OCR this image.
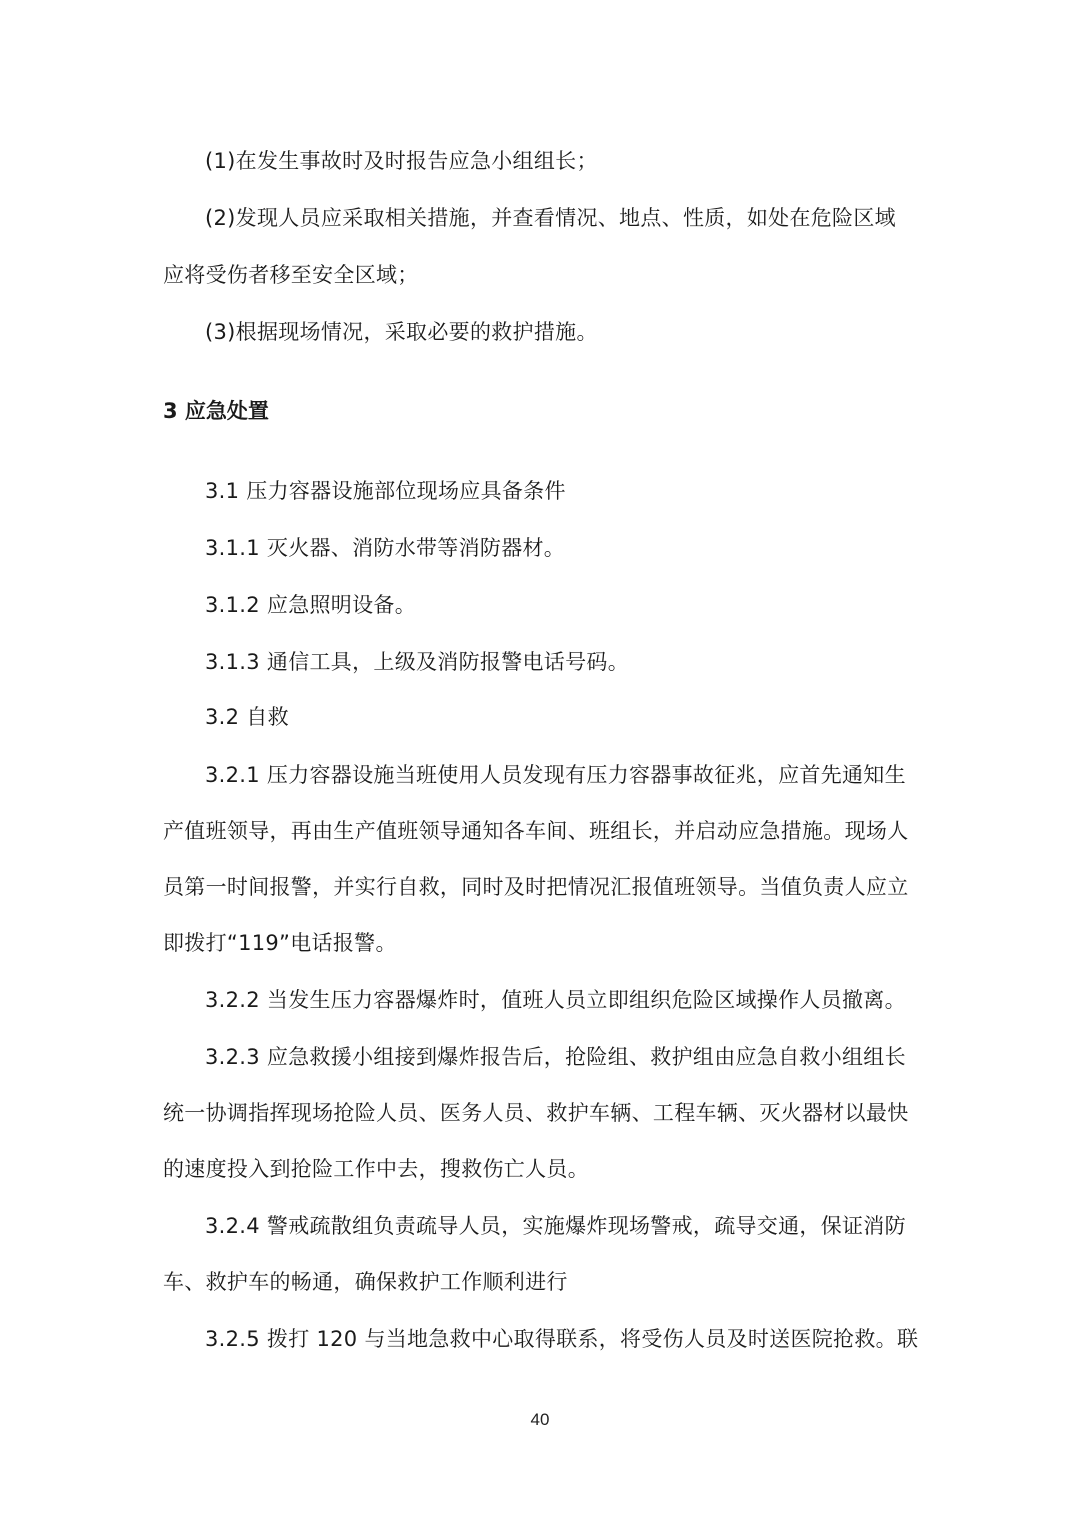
(1)在发生事故时及时报告应急小组组长；
(2)发现人员应采取相关措施，并查看情况、地点、性质，如处在危险区域
应将受伤者移至安全区域；
(3)根据现场情况，采取必要的救护措施。
3 应急处置
3.1 压力容器设施部位现场应具备条件
3.1.1 灭火器、消防水带等消防器材。
3.1.2 应急照明设备。
3.1.3 通信工具，上级及消防报警电话号码。
3.2 自救
3.2.1 压力容器设施当班使用人员发现有压力容器事故征兆，应首先通知生
产值班领导，再由生产值班领导通知各车间、班组长，并启动应急措施。现场人
员第一时间报警，并实行自救，同时及时把情况汇报值班领导。当值负责人应立
即拨打“119”电话报警。
3.2.2 当发生压力容器爆炸时，值班人员立即组织危险区域操作人员撤离。
3.2.3 应急救援小组接到爆炸报告后，抢险组、救护组由应急自救小组组长
统一协调指挥现场抢险人员、医务人员、救护车辆、工程车辆、灭火器材以最快
的速度投入到抢险工作中去，搜救伤亡人员。
3.2.4 警戒疏散组负责疏导人员，实施爆炸现场警戒，疏导交通，保证消防
车、救护车的畅通，确保救护工作顺利进行
3.2.5 拨打 120 与当地急救中心取得联系，将受伤人员及时送医院抢救。联
40
